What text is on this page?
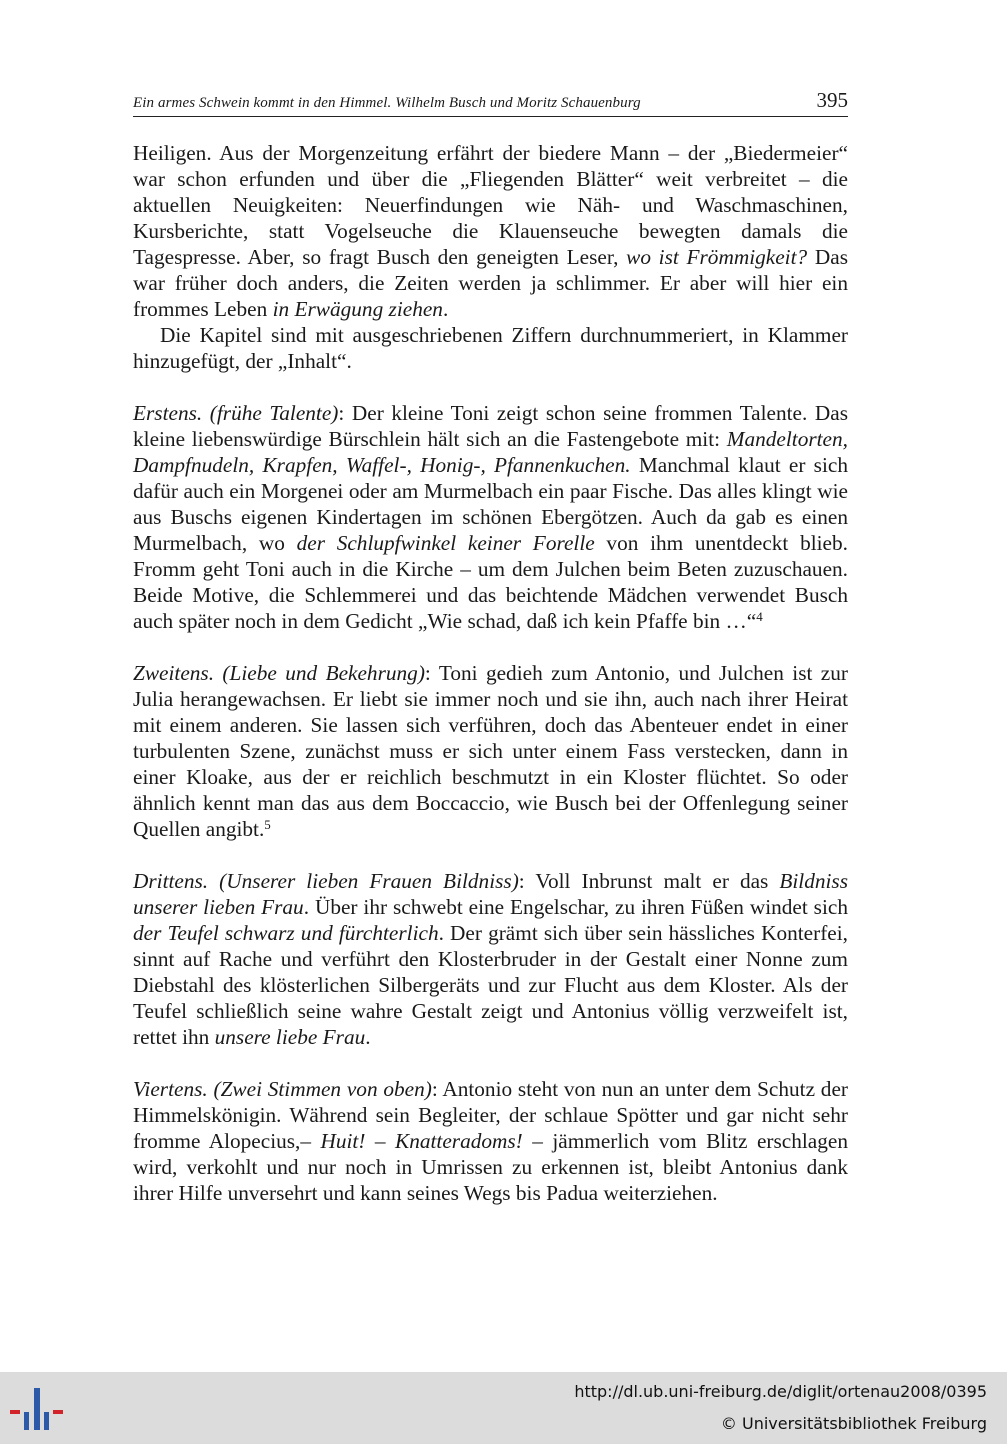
Ein armes Schwein kommt in den Himmel. Wilhelm Busch und Moritz Schauenburg	395

Heiligen. Aus der Morgenzeitung erfährt der biedere Mann – der „Biedermeier“ war schon erfunden und über die „Fliegenden Blätter“ weit verbreitet – die aktuellen Neuigkeiten: Neuerfindungen wie Näh- und Waschmaschinen, Kursberichte, statt Vogelseuche die Klauenseuche bewegten damals die Tagespresse. Aber, so fragt Busch den geneigten Leser, wo ist Frömmigkeit? Das war früher doch anders, die Zeiten werden ja schlimmer. Er aber will hier ein frommes Leben in Erwägung ziehen.

Die Kapitel sind mit ausgeschriebenen Ziffern durchnummeriert, in Klammer hinzugefügt, der „Inhalt“.

Erstens. (frühe Talente): Der kleine Toni zeigt schon seine frommen Talente. Das kleine liebenswürdige Bürschlein hält sich an die Fastengebote mit: Mandeltorten, Dampfnudeln, Krapfen, Waffel-, Honig-, Pfannenkuchen. Manchmal klaut er sich dafür auch ein Morgenei oder am Murmelbach ein paar Fische. Das alles klingt wie aus Buschs eigenen Kindertagen im schönen Ebergötzen. Auch da gab es einen Murmelbach, wo der Schlupfwinkel keiner Forelle von ihm unentdeckt blieb. Fromm geht Toni auch in die Kirche – um dem Julchen beim Beten zuzuschauen. Beide Motive, die Schlemmerei und das beichtende Mädchen verwendet Busch auch später noch in dem Gedicht „Wie schad, daß ich kein Pfaffe bin …“$^4$

Zweitens. (Liebe und Bekehrung): Toni gedieh zum Antonio, und Julchen ist zur Julia herangewachsen. Er liebt sie immer noch und sie ihn, auch nach ihrer Heirat mit einem anderen. Sie lassen sich verführen, doch das Abenteuer endet in einer turbulenten Szene, zunächst muss er sich unter einem Fass verstecken, dann in einer Kloake, aus der er reichlich beschmutzt in ein Kloster flüchtet. So oder ähnlich kennt man das aus dem Boccaccio, wie Busch bei der Offenlegung seiner Quellen angibt.$^5$

Drittens. (Unserer lieben Frauen Bildniss): Voll Inbrunst malt er das Bildniss unserer lieben Frau. Über ihr schwebt eine Engelschar, zu ihren Füßen windet sich der Teufel schwarz und fürchterlich. Der grämt sich über sein hässliches Konterfei, sinnt auf Rache und verführt den Klosterbruder in der Gestalt einer Nonne zum Diebstahl des klösterlichen Silbergeräts und zur Flucht aus dem Kloster. Als der Teufel schließlich seine wahre Gestalt zeigt und Antonius völlig verzweifelt ist, rettet ihn unsere liebe Frau.

Viertens. (Zwei Stimmen von oben): Antonio steht von nun an unter dem Schutz der Himmelskönigin. Während sein Begleiter, der schlaue Spötter und gar nicht sehr fromme Alopecius,– Huit! – Knatteradoms! – jämmerlich vom Blitz erschlagen wird, verkohlt und nur noch in Umrissen zu erkennen ist, bleibt Antonius dank ihrer Hilfe unversehrt und kann seines Wegs bis Padua weiterziehen.

http://dl.ub.uni-freiburg.de/diglit/ortenau2008/0395
© Universitätsbibliothek Freiburg
